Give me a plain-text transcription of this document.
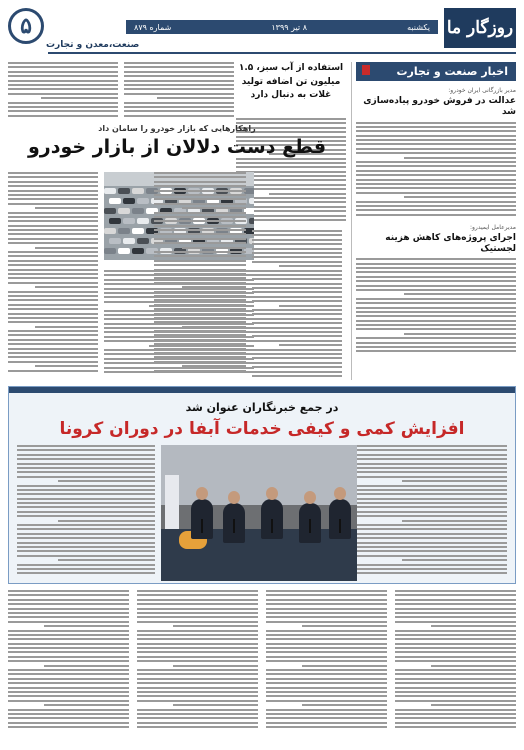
روزگار ما
یکشنبه
۸ تیر ۱۳۹۹
شماره ۸۷۹
۵
صنعت،معدن و تجارت
اخبار صنعت و تجارت
مدیر بازرگانی ایران خودرو:
عدالت در فروش خودرو پیاده‌سازی شد
مدیرعامل ایمیدرو:
اجرای پروژه‌های کاهش هزینه لجستیک
استفاده از آب سبز، ۱.۵ میلیون تن اضافه تولید غلات به دنبال دارد
راهکارهایی که بازار خودرو را سامان داد
قطع دست دلالان از بازار خودرو
در جمع خبرنگاران عنوان شد
افزایش کمی و کیفی خدمات آبفا در دوران کرونا
